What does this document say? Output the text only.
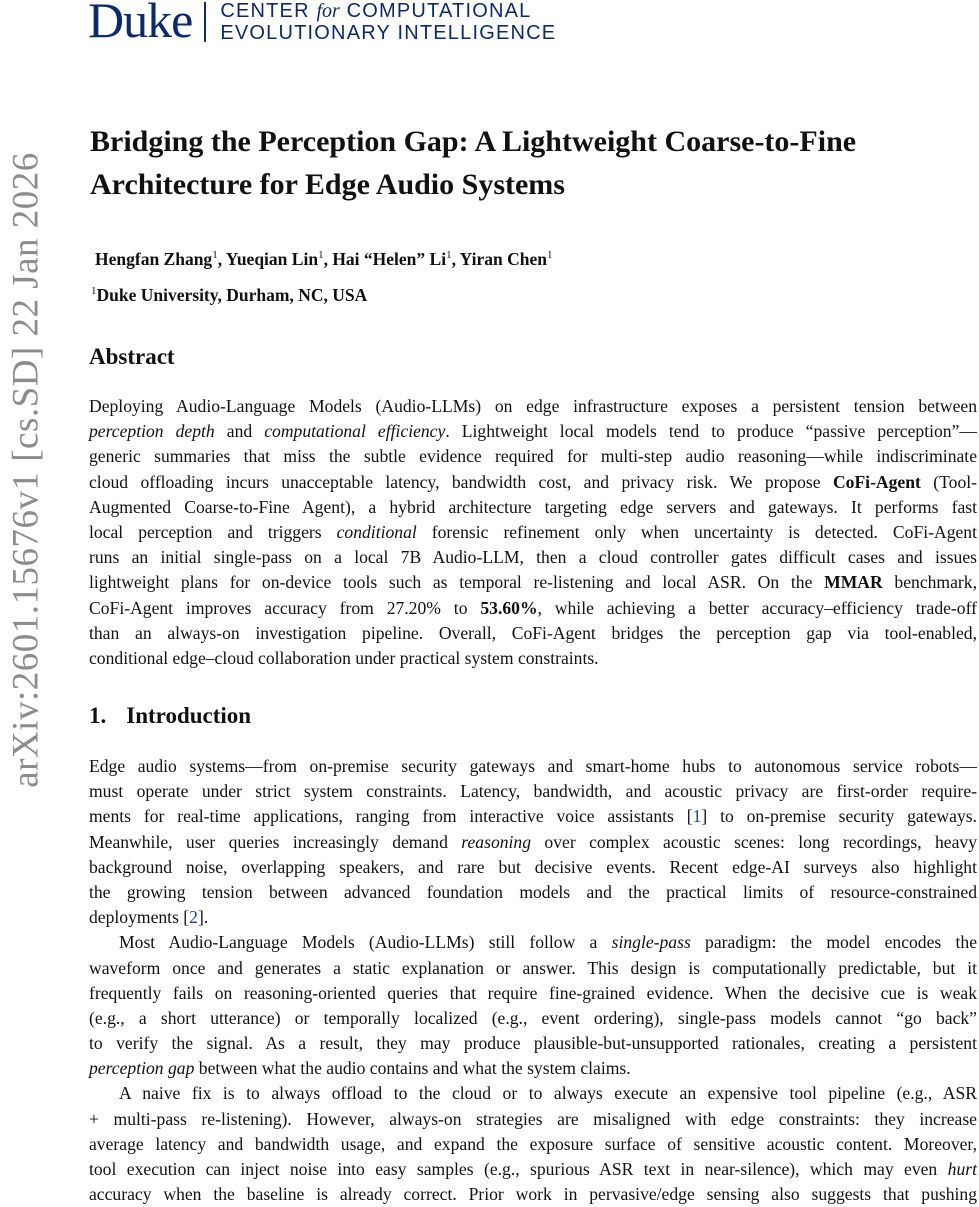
Duke CENTER for COMPUTATIONAL
EVOLUTIONARY INTELLIGENCE
arXiv:2601.15676v1 [cs.SD] 22 Jan 2026
Bridging the Perception Gap: A Lightweight Coarse-to-Fine
Architecture for Edge Audio Systems
Hengfan Zhang$^1$, Yueqian Lin$^1$, Hai “Helen” Li$^1$, Yiran Chen$^1$
$^1$Duke University, Durham, NC, USA
Abstract
Deploying Audio-Language Models (Audio-LLMs) on edge infrastructure exposes a persistent tension between
perception depth and computational efficiency. Lightweight local models tend to produce “passive perception”—
generic summaries that miss the subtle evidence required for multi-step audio reasoning—while indiscriminate
cloud offloading incurs unacceptable latency, bandwidth cost, and privacy risk. We propose CoFi-Agent (Tool-
Augmented Coarse-to-Fine Agent), a hybrid architecture targeting edge servers and gateways. It performs fast
local perception and triggers conditional forensic refinement only when uncertainty is detected. CoFi-Agent
runs an initial single-pass on a local 7B Audio-LLM, then a cloud controller gates difficult cases and issues
lightweight plans for on-device tools such as temporal re-listening and local ASR. On the MMAR benchmark,
CoFi-Agent improves accuracy from 27.20% to 53.60%, while achieving a better accuracy–efficiency trade-off
than an always-on investigation pipeline. Overall, CoFi-Agent bridges the perception gap via tool-enabled,
conditional edge–cloud collaboration under practical system constraints.
1. Introduction
Edge audio systems—from on-premise security gateways and smart-home hubs to autonomous service robots—
must operate under strict system constraints. Latency, bandwidth, and acoustic privacy are first-order require-
ments for real-time applications, ranging from interactive voice assistants [1] to on-premise security gateways.
Meanwhile, user queries increasingly demand reasoning over complex acoustic scenes: long recordings, heavy
background noise, overlapping speakers, and rare but decisive events. Recent edge-AI surveys also highlight
the growing tension between advanced foundation models and the practical limits of resource-constrained
deployments [2].
Most Audio-Language Models (Audio-LLMs) still follow a single-pass paradigm: the model encodes the
waveform once and generates a static explanation or answer. This design is computationally predictable, but it
frequently fails on reasoning-oriented queries that require fine-grained evidence. When the decisive cue is weak
(e.g., a short utterance) or temporally localized (e.g., event ordering), single-pass models cannot “go back”
to verify the signal. As a result, they may produce plausible-but-unsupported rationales, creating a persistent
perception gap between what the audio contains and what the system claims.
A naive fix is to always offload to the cloud or to always execute an expensive tool pipeline (e.g., ASR
+ multi-pass re-listening). However, always-on strategies are misaligned with edge constraints: they increase
average latency and bandwidth usage, and expand the exposure surface of sensitive acoustic content. Moreover,
tool execution can inject noise into easy samples (e.g., spurious ASR text in near-silence), which may even hurt
accuracy when the baseline is already correct. Prior work in pervasive/edge sensing also suggests that pushing
